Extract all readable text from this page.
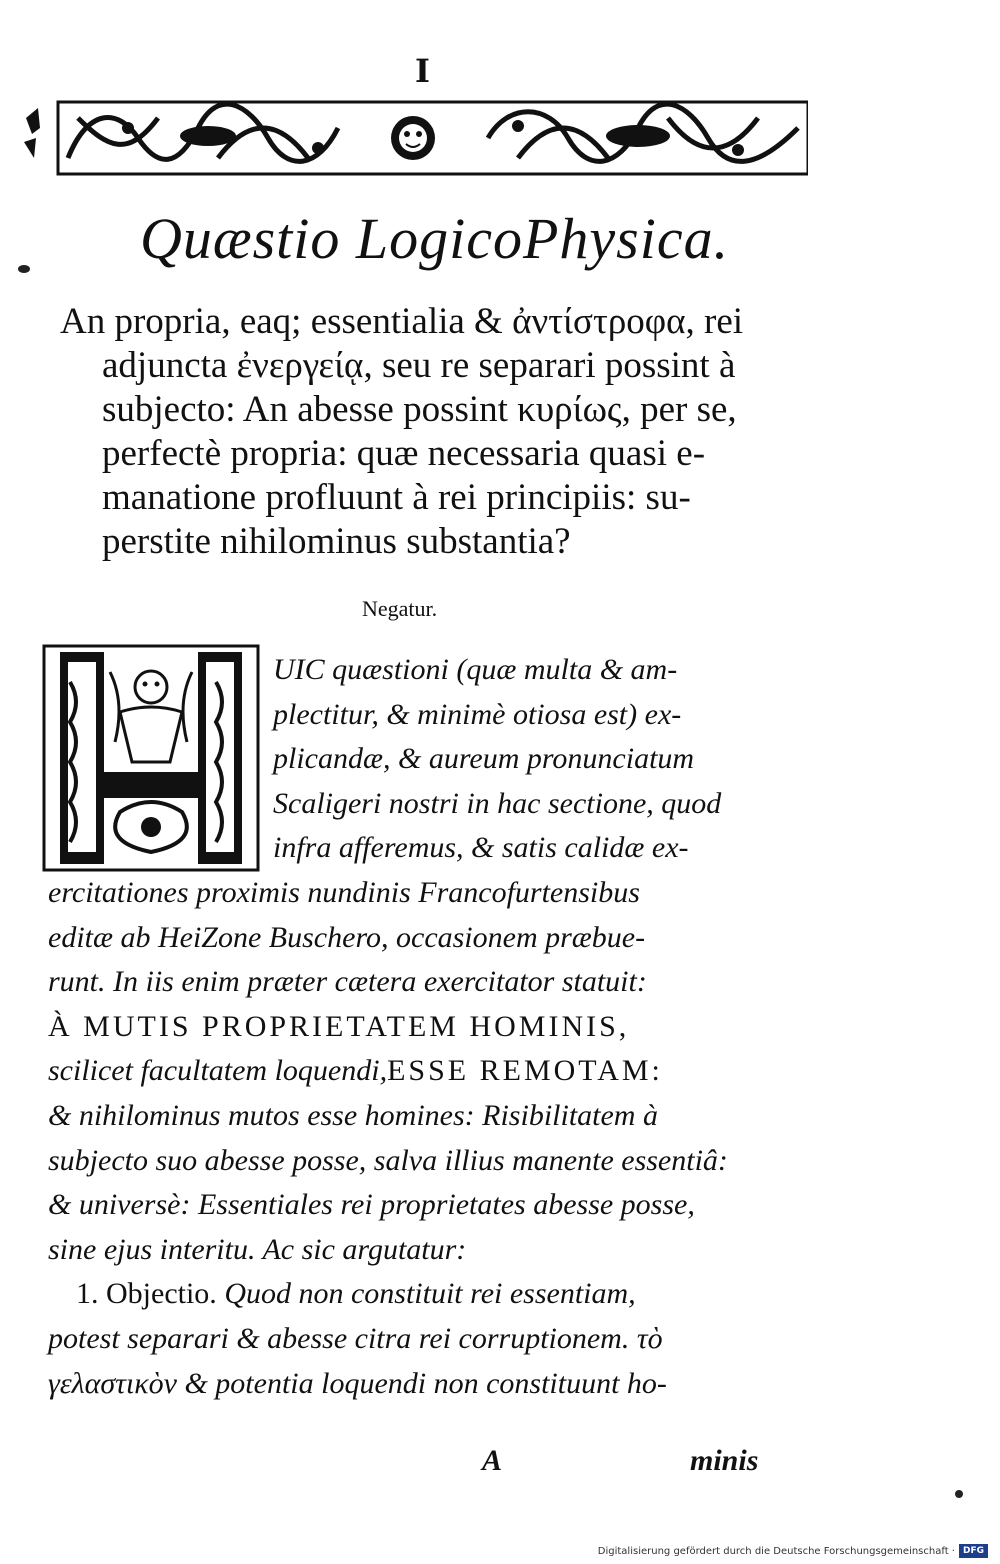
I
Quæstio LogicoPhysica.
An propria, eaq; essentialia & ἀντίστροφα, rei
adjuncta ἐνεργείᾳ, seu re separari possint à
subjecto: An abesse possint κυρίως, per se,
perfectè propria: quæ necessaria quasi e-
manatione profluunt à rei principiis: su-
perstite nihilominus substantia?
Negatur.
UIC quæstioni (quæ multa & am-
plectitur, & minimè otiosa est) ex-
plicandæ, & aureum pronunciatum
Scaligeri nostri in hac sectione, quod
infra afferemus, & satis calidæ ex-
ercitationes proximis nundinis Francofurtensibus
editæ ab HeiZone Buschero, occasionem præbue-
runt. In iis enim præter cætera exercitator statuit:
À MUTIS PROPRIETATEM HOMINIS,
scilicet facultatem loquendi,ESSE REMOTAM:
& nihilominus mutos esse homines: Risibilitatem à
subjecto suo abesse posse, salva illius manente essentiâ:
& universè: Essentiales rei proprietates abesse posse,
sine ejus interitu. Ac sic argutatur:
1. Objectio. Quod non constituit rei essentiam,
potest separari & abesse citra rei corruptionem. τὸ
γελαστικὸν & potentia loquendi non constituunt ho-
A	minis
Digitalisierung gefördert durch die Deutsche Forschungsgemeinschaft · DFG
